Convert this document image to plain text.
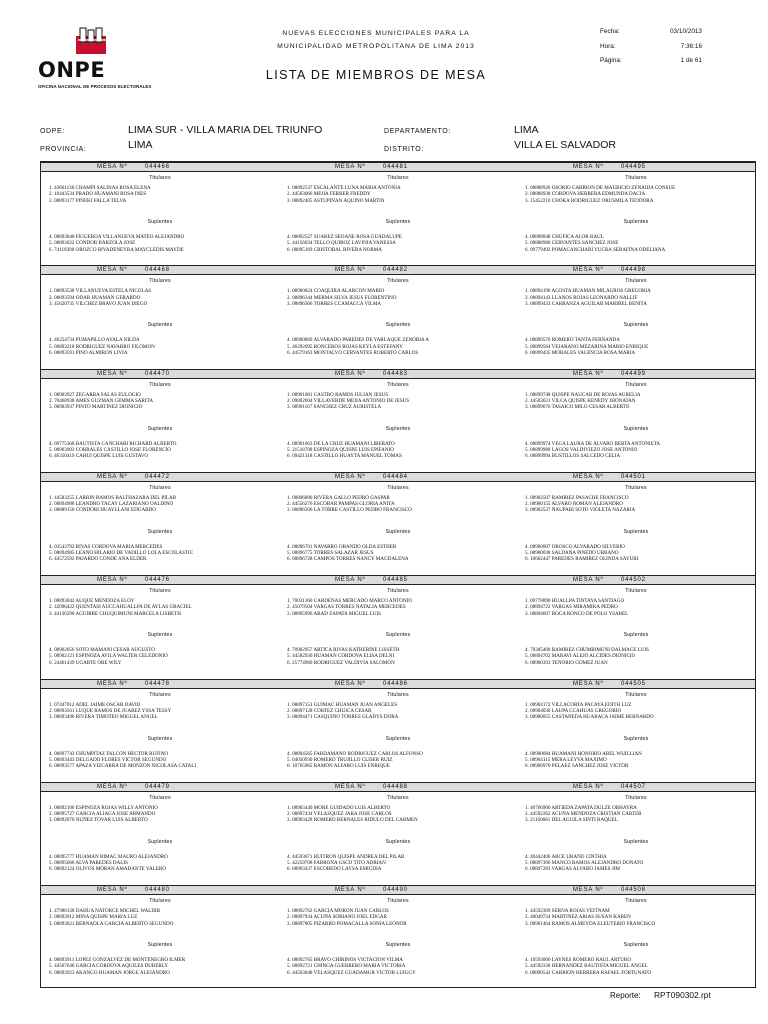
ONPE
OFICINA NACIONAL DE PROCESOS ELECTORALES
NUEVAS ELECCIONES MUNICIPALES PARA LA
MUNICIPALIDAD METROPOLITANA DE LIMA 2013
LISTA DE MIEMBROS DE MESA
Fecha:	03/10/2013
Hora:	7:36:16
Página:	1 de 61
ODPE:	LIMA SUR - VILLA MARIA DEL TRIUNFO
PROVINCIA:	LIMA
DEPARTAMENTO:	LIMA
DISTRITO:	VILLA EL SALVADOR
MESA Nº	044466
Titulares
1. 43661136 CHAMPI SALINAS ROSA ELENA
2. 10443534 PRADO HUAMANI ROSA INES
3. 08893177 PINEKI FALLA TELVA
Suplentes
4. 08893040 FIGUEROA VILLANUEVA MATEO ALEJANDRO
5. 08893022 CONDOR BARZOLA JOSE
6. 74118390 OROZCO RIVADENEYRA MAYCLEDIS MAYDE
MESA Nº	044481
Titulares
1. 08892537 ESCALANTE LUNA MARIA ANTONIA
2. 44563066 MEJIA FERRER FREDDY
3. 08892405 ASTUPINAN AQUINO MARTIN
Suplentes
4. 08892527 SUAREZ SEOANE ROSA GUADALUPE
5. 44156034 TELLO QUIROZ LAVINIA VANESSA
6. 08895169 CRISTOBAL RIVERA NORMA
MESA Nº	044495
Titulares
1. 08888926 OSORIO CARRION DE MAURICIO ZENAIDA CONSUE
2. 08888938 CORDOVA HERRERA EDMUNDA DACIA
3. 15452210 CHOKA RODRIGUEZ ORUSMILA TEODORA
Suplentes
4. 08898848 CHUFICA ALOR RAUL
5. 08888980 CERVANTES SANCHEZ JOSE
6. 09779492 POMACANCHARI YUCRA SERAFINA ODELIANA
MESA Nº	044468
Titulares
1. 08893538 VILLANUEVA ESTELA NICOLAS
2. 08893594 ODAR HUAMAN GERARDO
3. 45620735 VILCHEZ BRAVO JUAN DIEGO
Suplentes
4. 46254734 PUMAPILLO AYALA NILDA
5. 08893218 RODRIGUEZ NAVARRO FILOMON
6. 08893591 PINO ALMIRON LIVIA
MESA Nº	044482
Titulares
1. 08900824 COAQUIRA ALARCON MARIO
2. 08896344 MERMA SILVA JESUS FLORENTINO
3. 08896366 TORRES CCAMACCA VILMA
Suplentes
4. 08900869 ALVARADO PAREDES DE YARLAQUE ZENOBIA A
5. 46292095 RONCEROS ROJAS KEYLA ESTEFANY
6. 44579163 MONTALVO CERVANTES ROBERTO CARLOS
MESA Nº	044498
Titulares
1. 08894196 ACOSTA HUAMAN MILAGROS GREGORIA
2. 08894143 LLANOS ROJAS LEONARDO NALLIF
3. 08899433 CARRANZA AGUILAR MARIBEL BENITA
Suplentes
4. 08899576 ROMERO TANTA FERNANDA
5. 08899564 VEJARANO MEZARINA MARIO ENRIQUE
6. 08899435 MORALES VALENCIA ROSA MARIA
MESA Nº	044470
Titulares
1. 08903927 ZEGARRA SALAS EULOGIO
2. 70468938 AMES GUZMAN GEMMA SARITA
3. 08903937 PINTO MARTINEZ DIONICIO
Suplentes
4. 09775368 BAUTISTA CANCHARI RICHARD ALBERTO
5. 08903903 CORRALES CASTILLO JOSE FLORENCIO
6. 46350419 CAHUI QUISPE LUIS GUSTAVO
MESA Nº	044483
Titulares
1. 08901081 CASTRO RAMOS JULIAN JESUS
2. 09802064 VILLAVERDE MEJIA ANTONIO DE JESUS
3. 08901167 SANCHEZ CRUZ AURISTELA
Suplentes
4. 08901063 DE LA CRUZ HUAMANI LIBERATO
5. 21518708 ESPINOZA QUISPE LUIS EPIFANIO
6. 09421318 CASTILLO HUAYTA MANUEL TOMAS
MESA Nº	044499
Titulares
1. 08899748 QUISPE NAUCAR DE ROJAS AURELIA
2. 44503631 VILCA QUISPE KENEDY JHONATAN
3. 08899676 TASAICO MILO CESAR ALBERTO
Suplentes
4. 08899974 VEGA LAURA DE ALVARO BERTA ANTONIETA
5. 08899988 LAGOS VALDIVIEZO JOSE ANTONIO
6. 08899994 BUSTILLOS SALCEDO CELIA
MESA Nº	044472
Titulares
1. 44583255 LARRIN RAMOS BALTHAZARA DEL PILAR
2. 08894988 LEANDRO TACAY LAZARIANO OALDINO
3. 08889150 CONDORI HUAYLLANI EDUARDO
Suplentes
4. 03543792 RIVAS CORDOVA MARIA MERCEDES
5. 08894985 LEAÑO HILARIO DE VADILLO LOLA ESCOLASTIC
6. 44572592 PAJARDO CONDE ANA ELDER
MESA Nº	044484
Titulares
1. 08896880 RIVERA GALLO PEDRO GASPAR
2. 44556276 ESCOBAR PAMPAS GLORIA ANITA
3. 08896306 LA TORRE CASTILLO PEDRO FRANCISCO
Suplentes
4. 08896701 NAVARRO OBANDO OLDA ESTHER
5. 08896775 TORRES SALAZAR JESUS
6. 08896728 CAMPOS TORRES NANCY MAGDALENA
MESA Nº	044501
Titulares
1. 08902507 RAMIREZ PASACHE FRANCISCO
2. 08900155 ALVARO ROMAN ALEJANDRO
3. 08902537 ÑAUPARI SOTO VIOLETA NAZARIA
Suplentes
4. 08900007 OROSCO ALVARADO SILVERIO
5. 08900038 SALDAÑA PINEDO URBANO
6. 10662447 PAREDES RAMIREZ OLINDA SAYURI
MESA Nº	044476
Titulares
1. 08893043 AUQUE MENDOZA ELOY
2. 42096422 QUENTASI AUCCAHUALLPA DE AYLAS GRACIEL
3. 44136290 AGUIRRE CHUQUIMUNI MARCELA LISBETH
Suplentes
4. 08902056 SOTO MAMANI CESAR AUGUSTO
5. 08902121 ESPINOZA AVILA WALTER CELEDONIO
6. 24461439 UGARTE ORE WILY
MESA Nº	044485
Titulares
1. 70031360 CARDENAS MERCADO MARCO ANTONIO
2. 45079504 VARGAS TORRES NATALIA MERCEDES
3. 08895996 ABAD ZAPATA MIGUEL LUIS
Suplentes
4. 70902957 ARTICA RIVAS KATHERINE LISSETH
5. 44582930 HUAMAN CORDOVA ELISA DELNI
6. 25774960 RODRIGUEZ VALDIVIA SALOMON
MESA Nº	044502
Titulares
1. 09778890 HUALLPA TINTAYA SANTIAGO
2. 08894722 VARGAS MIRAMIKA PEDRO
3. 08894607 ROCA RONCO DE POLO YSABEL
Suplentes
4. 70305400 RAMIREZ CHUMBIMUNI DALMACE LUIS
5. 08894702 MARAVI ALEJO ALCIDES DIONICIO
6. 08900393 TENORIO GOMEZ JUAN
MESA Nº	044478
Titulares
1. 07447012 ADEL JAIME OSCAR DAVID
2. 08893561 LUQUE RAMOS DE JUAREZ YSSA TESSY
3. 08893496 RIVERA TIMOTEO MIGUEL ANGEL
Suplentes
4. 08897743 CHUMPITAZ FALCON HECTOR RUFINO
5. 08893443 DELGADO FLORES VICTOR SEGUNDO
6. 08893577 APAZA VIZCARRA DE MONZON NICOLASA CATALI
MESA Nº	044486
Titulares
1. 08897151 GUIMAC HUAMAN JUAN ANGELES
2. 08897128 CORTEZ CHUICA CESAR
3. 08894471 CASQUINO TORRES GLADYS DORA
Suplentes
4. 08894565 FARDAMANO RODRIGUEZ CARLOS ALFONSO
5. 04050930 ROMERO TRUJILLO CLISER RUIZ
6. 10765965 RAMON ALFARO LUIS ENRIQUE
MESA Nº	044505
Titulares
1. 08904172 VILLACORTA PACAYA EDITH LUZ
2. 08904030 LAUPA CCAHUAS GREGORIO
3. 08900055 CASTAÑEDA HUARACA JAIME BERNARDO
Suplentes
4. 08900684 HUAMANI HONORIO ABEL WUILLIAN
5. 08904115 MERA LEYVA MAXIMO
6. 08900970 PELAEZ SANCHEZ JOSE VICTOR
MESA Nº	044479
Titulares
1. 08892106 ESPINOZA ROJAS WILLY ANTONIO
2. 08895727 GARCIA ALIAGA JOSE ARMANDO
3. 08892070 NUÑEZ TOVAR LUIS ALBERTO
Suplentes
4. 08895777 HUAMAN RIMAC MAURO ALEJANDRO
5. 08895666 ALVA PAREDES DALIS
6. 08892124 OLIVOS MORAN AMADANTE VALERO
MESA Nº	044488
Titulares
1. 08903440 MORE GUIDADO LUIS ALBERTO
2. 08897434 VELASQUEZ JARA JOSE CARLOS
3. 08903428 ROMERO BERNALES RIDULO DEL CARMEN
Suplentes
4. 44593071 BUITRON QUISPE ANDREA DEL PILAR
5. 42259708 FARRONA GSCO TITO ADRIAN
6. 08903437 ESCOBEDO LAYSA EMIGDIA
MESA Nº	044507
Titulares
1. 46766906 ARTIEDA ZAPATA DULZE OBHAYRA
2. 44592262 ACUÑA MENDOZA CRISTIAN CARTER
3. 21160681 DEL AGUILA SINTI RAQUEL
Suplentes
4. 40442406 ARCE URAÑO CINTHIA
5. 08897306 MANCO RAMOS ALEJANDRO DONATO
6. 08897283 VARGAS ALVARO JAMES JIM
MESA Nº	044480
Titulares
1. 47980138 DAHUA NATORCE MICHEL WALDIR
2. 08893912 MINA QUISPE MARIA LUZ
3. 08893621 BERNAOLA GARCIA ALBERTO SEGUNDO
Suplentes
4. 08893911 LOPEZ GONZALVEZ DE MONTENEGRO ILMER
5. 44567646 GARCIA CORDOVA AQUILES DUBERLY
6. 08893923 AKANGO HUAMAN JORGE ALEJANDRO
MESA Nº	044490
Titulares
1. 08892762 GARCIA MORON JUAN CARLOS
2. 08897934 ACUÑA SORIANO JOEL EDGAR
3. 08897805 PIZARRO POMACALLA SONIA LEONOR
Suplentes
4. 08892765 BRAVO CHIRINOS VICTACION VILMA
5. 08892721 CHINGA GUERRERO MARIA VICTORIA
6. 44563048 VELASQUEZ GUADAMUR VICTOR LUIGGY
MESA Nº	044508
Titulares
1. 44592309 SERNA ROJAS VEITNAM
2. 40049724 MARTINEZ ARIAS SUSAN KAREN
3. 08901464 RAMOS ALMEYDA ELEUTERIO FRANCISCO
Suplentes
4. 10593006 LAYNES ROMERO RAUL ARTURO
5. 44592330 HERNANDEZ BAUTISTA MIGUEL ANGEL
6. 08890542 CARRION HERRERA RAFAEL FORTUNATO
Reporte: RPT090302.rpt
